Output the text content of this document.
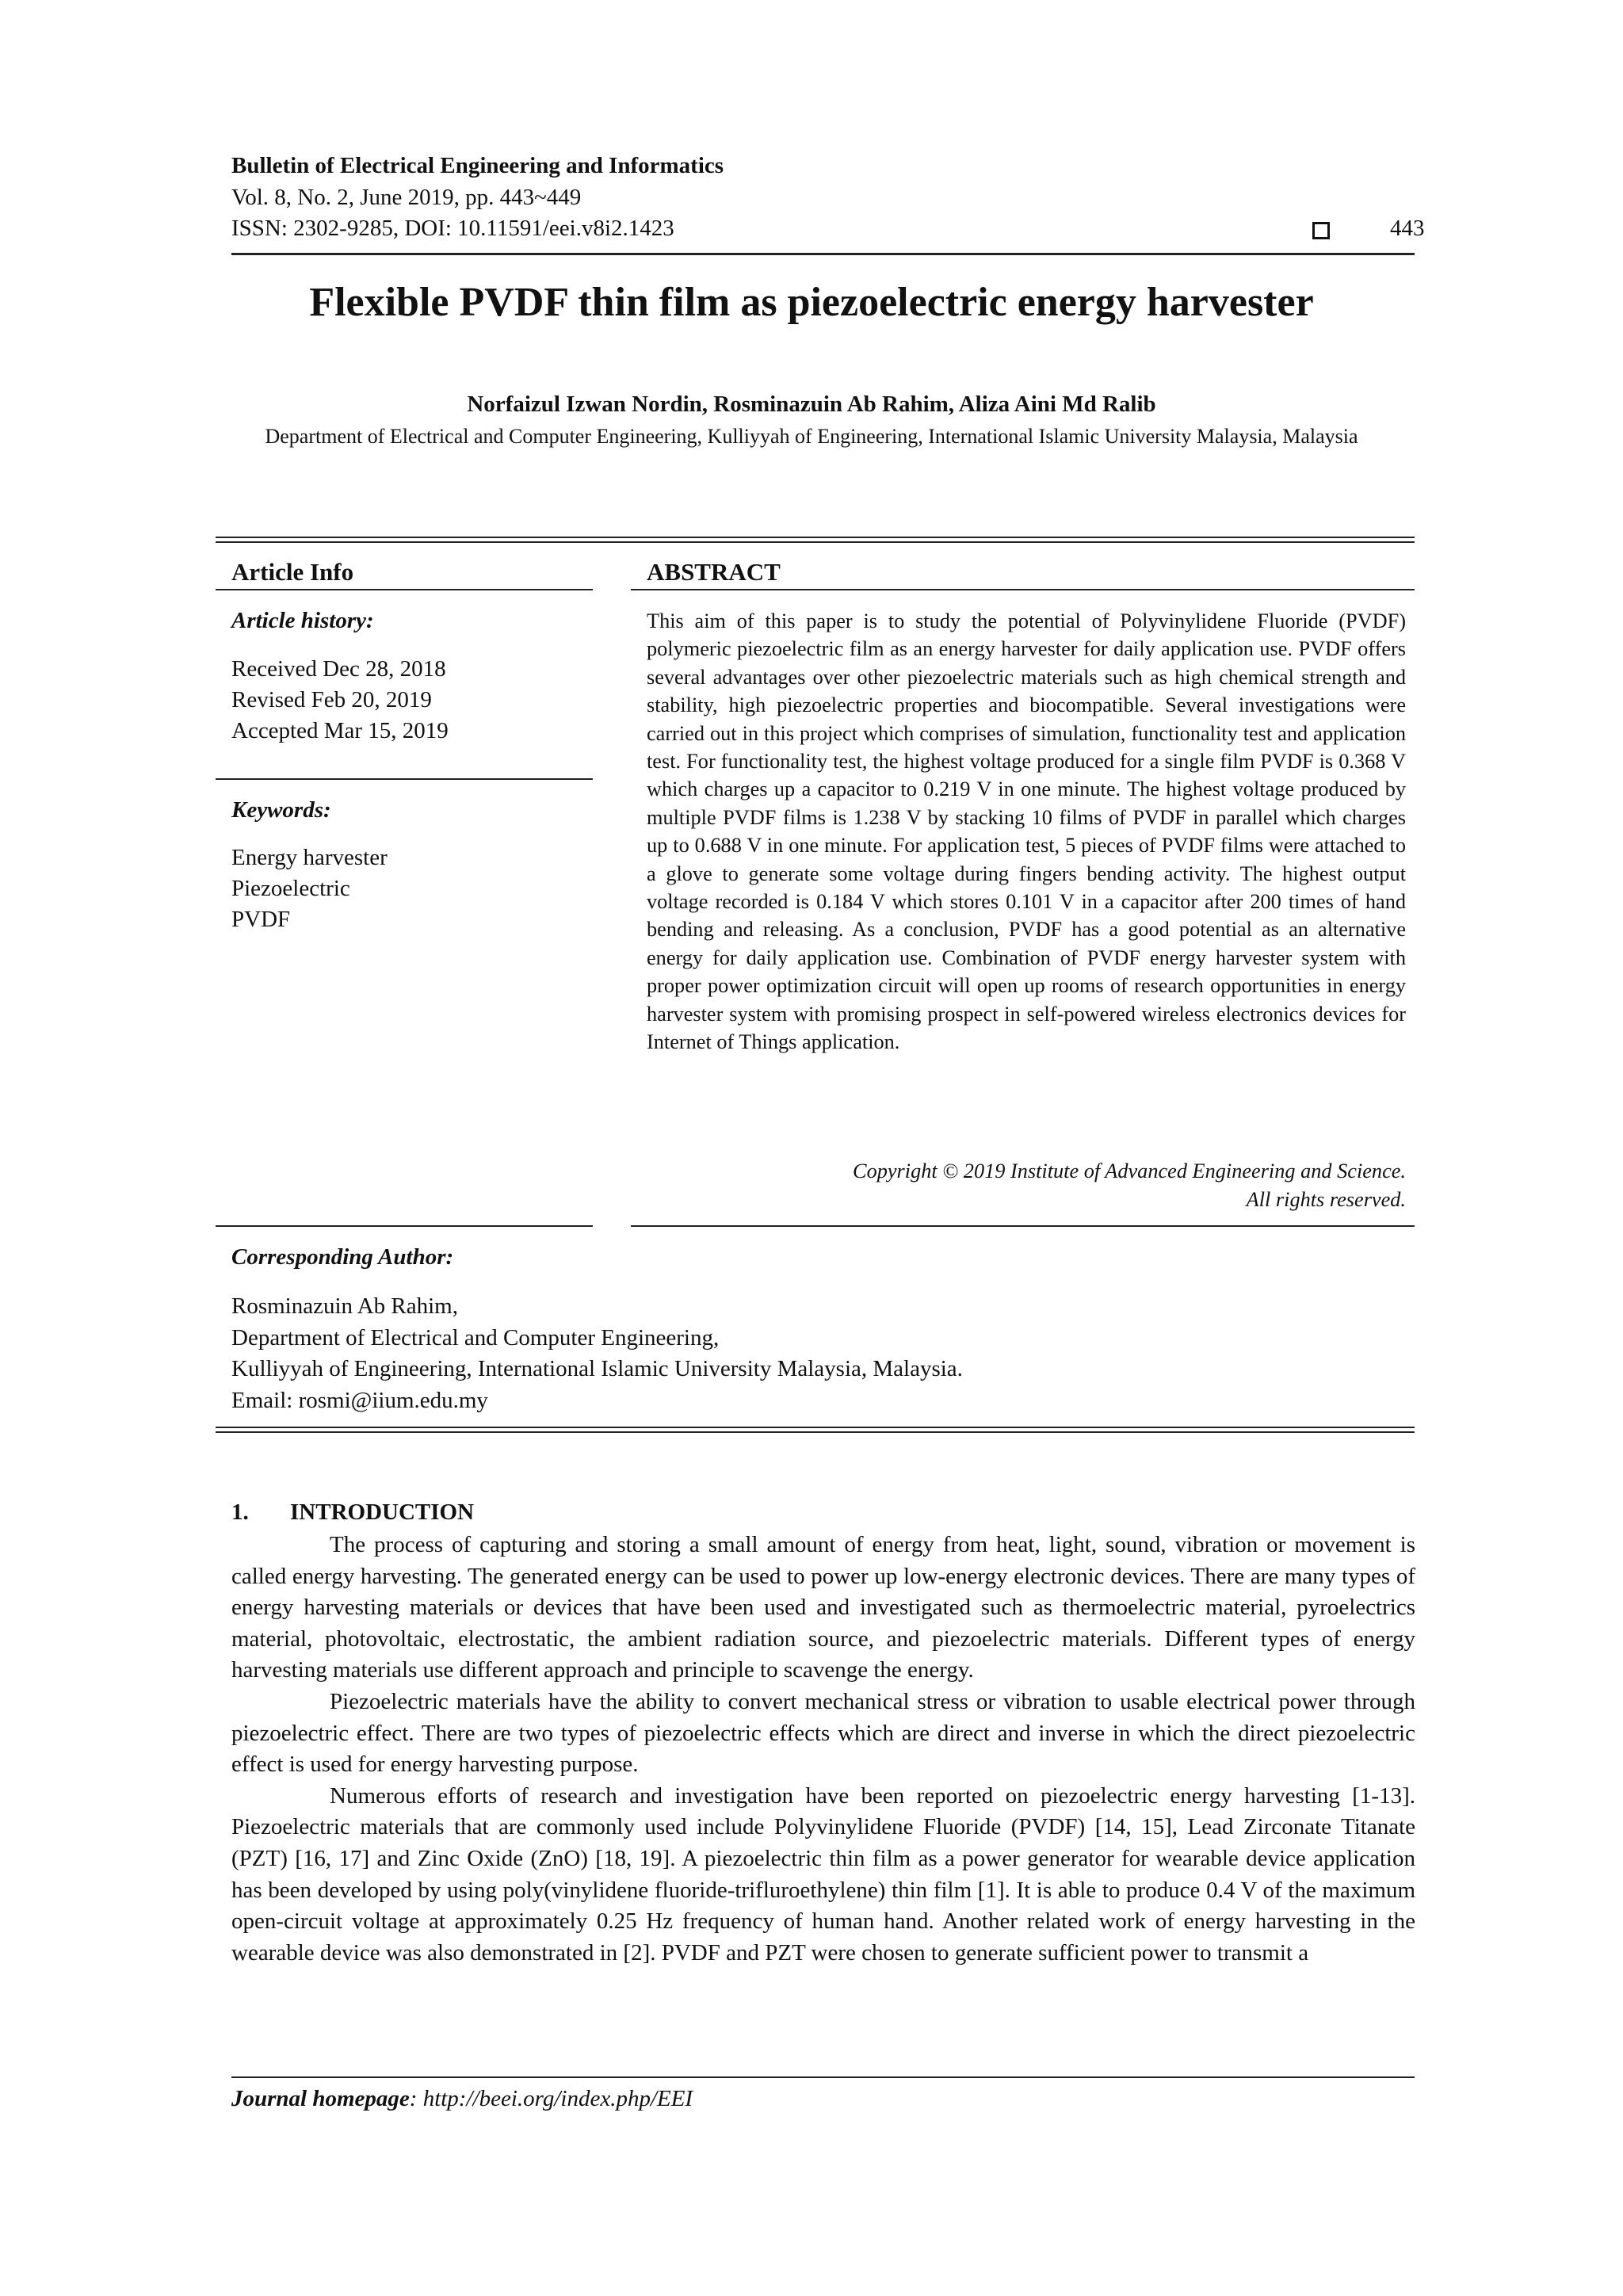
Bulletin of Electrical Engineering and Informatics
Vol. 8, No. 2, June 2019, pp. 443~449
ISSN: 2302-9285, DOI: 10.11591/eei.v8i2.1423	443
Flexible PVDF thin film as piezoelectric energy harvester
Norfaizul Izwan Nordin, Rosminazuin Ab Rahim, Aliza Aini Md Ralib
Department of Electrical and Computer Engineering, Kulliyyah of Engineering, International Islamic University Malaysia, Malaysia
Article Info
Article history:
Received Dec 28, 2018
Revised Feb 20, 2019
Accepted Mar 15, 2019
Keywords:
Energy harvester
Piezoelectric
PVDF
ABSTRACT

This aim of this paper is to study the potential of Polyvinylidene Fluoride (PVDF) polymeric piezoelectric film as an energy harvester for daily application use. PVDF offers several advantages over other piezoelectric materials such as high chemical strength and stability, high piezoelectric properties and biocompatible. Several investigations were carried out in this project which comprises of simulation, functionality test and application test. For functionality test, the highest voltage produced for a single film PVDF is 0.368 V which charges up a capacitor to 0.219 V in one minute. The highest voltage produced by multiple PVDF films is 1.238 V by stacking 10 films of PVDF in parallel which charges up to 0.688 V in one minute. For application test, 5 pieces of PVDF films were attached to a glove to generate some voltage during fingers bending activity. The highest output voltage recorded is 0.184 V which stores 0.101 V in a capacitor after 200 times of hand bending and releasing. As a conclusion, PVDF has a good potential as an alternative energy for daily application use. Combination of PVDF energy harvester system with proper power optimization circuit will open up rooms of research opportunities in energy harvester system with promising prospect in self-powered wireless electronics devices for Internet of Things application.

Copyright © 2019 Institute of Advanced Engineering and Science.
All rights reserved.
Corresponding Author:
Rosminazuin Ab Rahim,
Department of Electrical and Computer Engineering,
Kulliyyah of Engineering, International Islamic University Malaysia, Malaysia.
Email: rosmi@iium.edu.my
1. INTRODUCTION

The process of capturing and storing a small amount of energy from heat, light, sound, vibration or movement is called energy harvesting. The generated energy can be used to power up low-energy electronic devices. There are many types of energy harvesting materials or devices that have been used and investigated such as thermoelectric material, pyroelectrics material, photovoltaic, electrostatic, the ambient radiation source, and piezoelectric materials. Different types of energy harvesting materials use different approach and principle to scavenge the energy.

Piezoelectric materials have the ability to convert mechanical stress or vibration to usable electrical power through piezoelectric effect. There are two types of piezoelectric effects which are direct and inverse in which the direct piezoelectric effect is used for energy harvesting purpose.

Numerous efforts of research and investigation have been reported on piezoelectric energy harvesting [1-13]. Piezoelectric materials that are commonly used include Polyvinylidene Fluoride (PVDF) [14, 15], Lead Zirconate Titanate (PZT) [16, 17] and Zinc Oxide (ZnO) [18, 19]. A piezoelectric thin film as a power generator for wearable device application has been developed by using poly(vinylidene fluoride-trifluroethylene) thin film [1]. It is able to produce 0.4 V of the maximum open-circuit voltage at approximately 0.25 Hz frequency of human hand. Another related work of energy harvesting in the wearable device was also demonstrated in [2]. PVDF and PZT were chosen to generate sufficient power to transmit a

Journal homepage: http://beei.org/index.php/EEI
